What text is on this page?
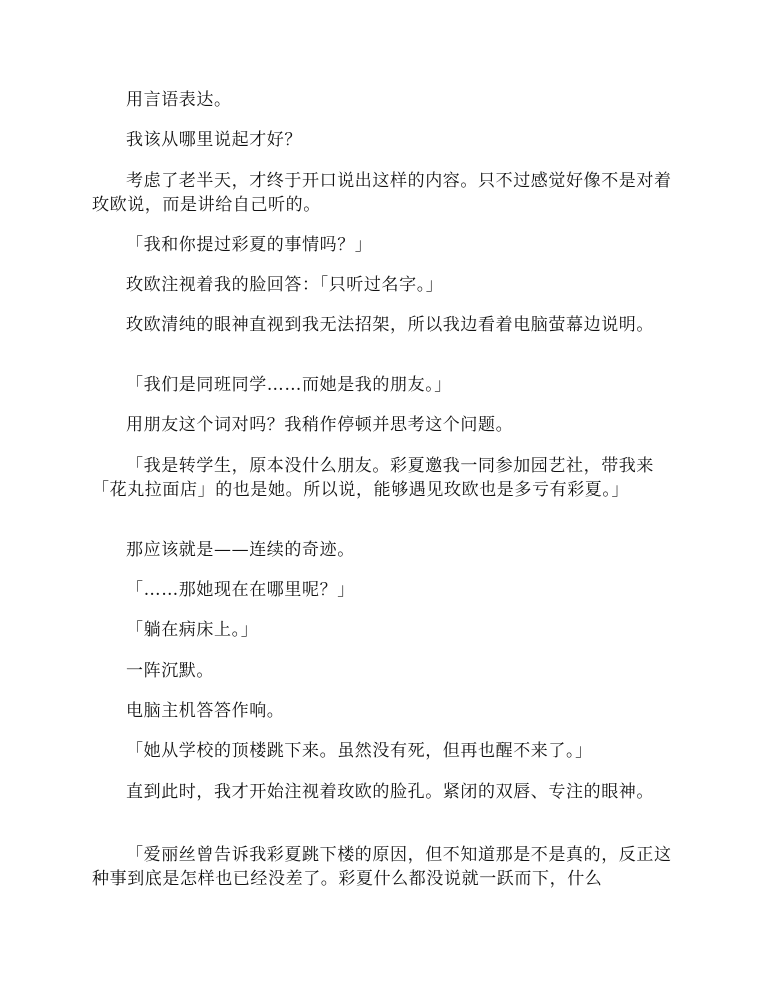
用言语表达。

我该从哪里说起才好？

考虑了老半天，才终于开口说出这样的内容。只不过感觉好像不是对着玫欧说，而是讲给自己听的。

「我和你提过彩夏的事情吗？」

玫欧注视着我的脸回答：「只听过名字。」

玫欧清纯的眼神直视到我无法招架，所以我边看着电脑萤幕边说明。

「我们是同班同学……而她是我的朋友。」

用朋友这个词对吗？我稍作停顿并思考这个问题。

「我是转学生，原本没什么朋友。彩夏邀我一同参加园艺社，带我来「花丸拉面店」的也是她。所以说，能够遇见玫欧也是多亏有彩夏。」

那应该就是——连续的奇迹。

「……那她现在在哪里呢？」

「躺在病床上。」

一阵沉默。

电脑主机答答作响。

「她从学校的顶楼跳下来。虽然没有死，但再也醒不来了。」

直到此时，我才开始注视着玫欧的脸孔。紧闭的双唇、专注的眼神。

「爱丽丝曾告诉我彩夏跳下楼的原因，但不知道那是不是真的，反正这种事到底是怎样也已经没差了。彩夏什么都没说就一跃而下，什么
